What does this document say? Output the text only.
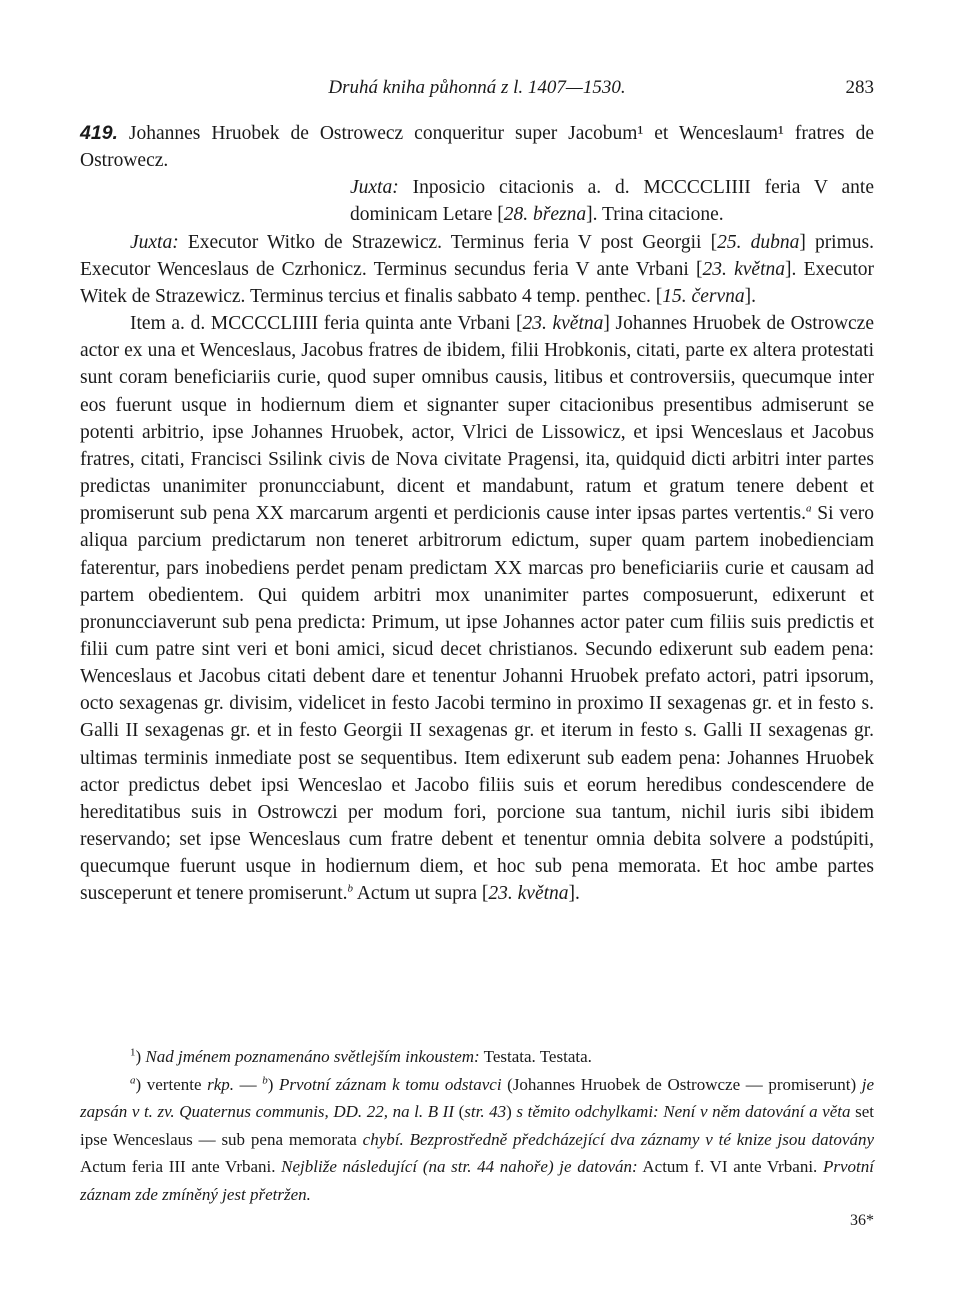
Druhá kniha půhonná z l. 1407—1530.	283

419. Johannes Hruobek de Ostrowecz conqueritur super Jacobum¹ et Wenceslaum¹ fratres de Ostrowecz.

Juxta: Inposicio citacionis a. d. MCCCCLIIII feria V ante dominicam Letare [28. března]. Trina citacione.

Juxta: Executor Witko de Strazewicz. Terminus feria V post Georgii [25. dubna] primus. Executor Wenceslaus de Czrhonicz. Terminus secundus feria V ante Vrbani [23. května]. Executor Witek de Strazewicz. Terminus tercius et finalis sabbato 4 temp. penthec. [15. června].

Item a. d. MCCCCLIIII feria quinta ante Vrbani [23. května] Johannes Hruobek de Ostrowcze actor ex una et Wenceslaus, Jacobus fratres de ibidem, filii Hrobkonis, citati, parte ex altera protestati sunt coram beneficiariis curie, quod super omnibus causis, litibus et controversiis, quecumque inter eos fuerunt usque in hodiernum diem et signanter super citacionibus presentibus admiserunt se potenti arbitrio, ipse Johannes Hruobek, actor, Vlrici de Lissowicz, et ipsi Wenceslaus et Jacobus fratres, citati, Francisci Ssilink civis de Nova civitate Pragensi, ita, quidquid dicti arbitri inter partes predictas unanimiter pronuncciabunt, dicent et mandabunt, ratum et gratum tenere debent et promiserunt sub pena XX marcarum argenti et perdicionis cause inter ipsas partes vertentis.$^a$ Si vero aliqua parcium predictarum non teneret arbitrorum edictum, super quam partem inobedienciam faterentur, pars inobediens perdet penam predictam XX marcas pro beneficiariis curie et causam ad partem obedientem. Qui quidem arbitri mox unanimiter partes composuerunt, edixerunt et pronuncciaverunt sub pena predicta: Primum, ut ipse Johannes actor pater cum filiis suis predictis et filii cum patre sint veri et boni amici, sicud decet christianos. Secundo edixerunt sub eadem pena: Wenceslaus et Jacobus citati debent dare et tenentur Johanni Hruobek prefato actori, patri ipsorum, octo sexagenas gr. divisim, videlicet in festo Jacobi termino in proximo II sexagenas gr. et in festo s. Galli II sexagenas gr. et in festo Georgii II sexagenas gr. et iterum in festo s. Galli II sexagenas gr. ultimas terminis inmediate post se sequentibus. Item edixerunt sub eadem pena: Johannes Hruobek actor predictus debet ipsi Wenceslao et Jacobo filiis suis et eorum heredibus condescendere de hereditatibus suis in Ostrowczi per modum fori, porcione sua tantum, nichil iuris sibi ibidem reservando; set ipse Wenceslaus cum fratre debent et tenentur omnia debita solvere a podstúpiti, quecumque fuerunt usque in hodiernum diem, et hoc sub pena memorata. Et hoc ambe partes susceperunt et tenere promiserunt.$^b$ Actum ut supra [23. května].

$^1$) Nad jménem poznamenáno světlejším inkoustem: Testata. Testata.

$^a$) vertente rkp. — $^b$) Prvotní záznam k tomu odstavci (Johannes Hruobek de Ostrowcze — promiserunt) je zapsán v t. zv. Quaternus communis, DD. 22, na l. B II (str. 43) s těmito odchylkami: Není v něm datování a věta set ipse Wenceslaus — sub pena memorata chybí. Bezprostředně předcházející dva záznamy v té knize jsou datovány Actum feria III ante Vrbani. Nejbliže následující (na str. 44 nahoře) je datován: Actum f. VI ante Vrbani. Prvotní záznam zde zmíněný jest přetržen.

36*
